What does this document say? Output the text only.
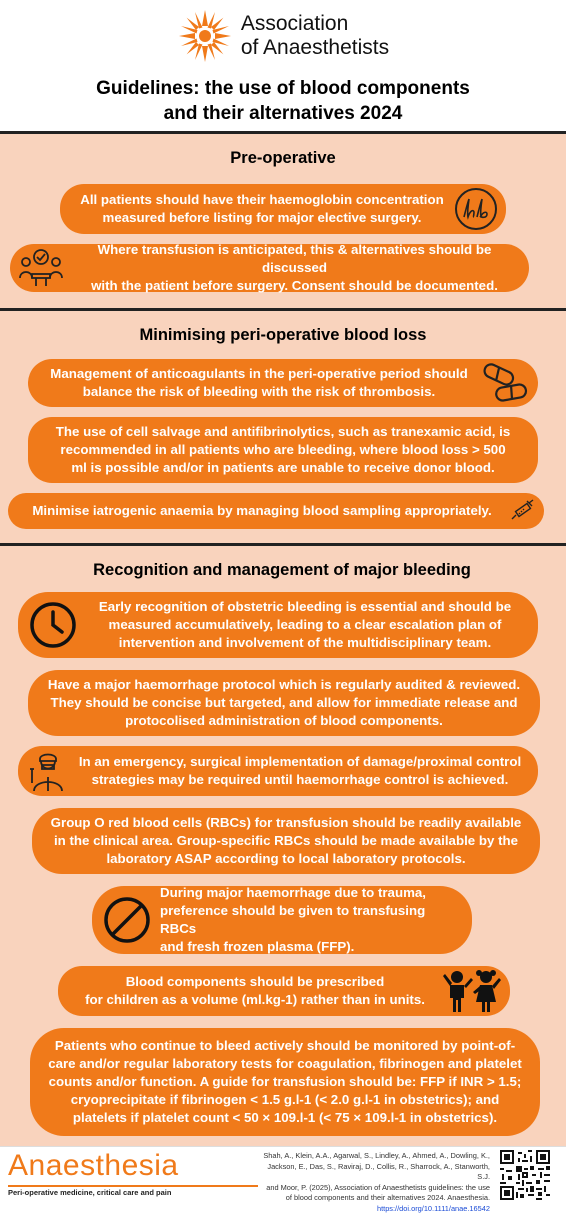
Association
of Anaesthetists
Guidelines: the use of blood components
and their alternatives 2024
Pre-operative
All patients should have their haemoglobin concentration
measured before listing for major elective surgery.
Where transfusion is anticipated, this & alternatives should be discussed
with the patient before surgery. Consent should be documented.
Minimising peri-operative blood loss
Management of anticoagulants in the peri-operative period should
balance the risk of bleeding with the risk of thrombosis.
The use of cell salvage and antifibrinolytics, such as tranexamic acid, is
recommended in all patients who are bleeding, where blood loss > 500
ml is possible and/or in patients are unable to receive donor blood.
Minimise iatrogenic anaemia by managing blood sampling appropriately.
Recognition and management of major bleeding
Early recognition of obstetric bleeding is essential and should be
measured accumulatively, leading to a clear escalation plan of
intervention and involvement of the multidisciplinary team.
Have a major haemorrhage protocol which is regularly audited & reviewed.
They should be concise but targeted, and allow for immediate release and
protocolised administration of blood components.
In an emergency, surgical implementation of damage/proximal control
strategies may be required until haemorrhage control is achieved.
Group O red blood cells (RBCs) for transfusion should be readily available
in the clinical area. Group-specific RBCs should be made available by the
laboratory ASAP according to local laboratory protocols.
During major haemorrhage due to trauma,
preference should be given to transfusing RBCs
and fresh frozen plasma (FFP).
Blood components should be prescribed
for children as a volume (ml.kg-1) rather than in units.
Patients who continue to bleed actively should be monitored by point-of-
care and/or regular laboratory tests for coagulation, fibrinogen and platelet
counts and/or function. A guide for transfusion should be: FFP if INR > 1.5;
cryoprecipitate if fibrinogen < 1.5 g.l-1 (< 2.0 g.l-1 in obstetrics); and
platelets if platelet count < 50 × 109.l-1 (< 75 × 109.l-1 in obstetrics).
Anaesthesia
Peri-operative medicine, critical care and pain
Shah, A., Klein, A.A., Agarwal, S., Lindley, A., Ahmed, A., Dowling, K.,
Jackson, E., Das, S., Raviraj, D., Collis, R., Sharrock, A., Stanworth, S.J.
and Moor, P. (2025), Association of Anaesthetists guidelines: the use
of blood components and their alternatives 2024. Anaesthesia.
https://doi.org/10.1111/anae.16542
